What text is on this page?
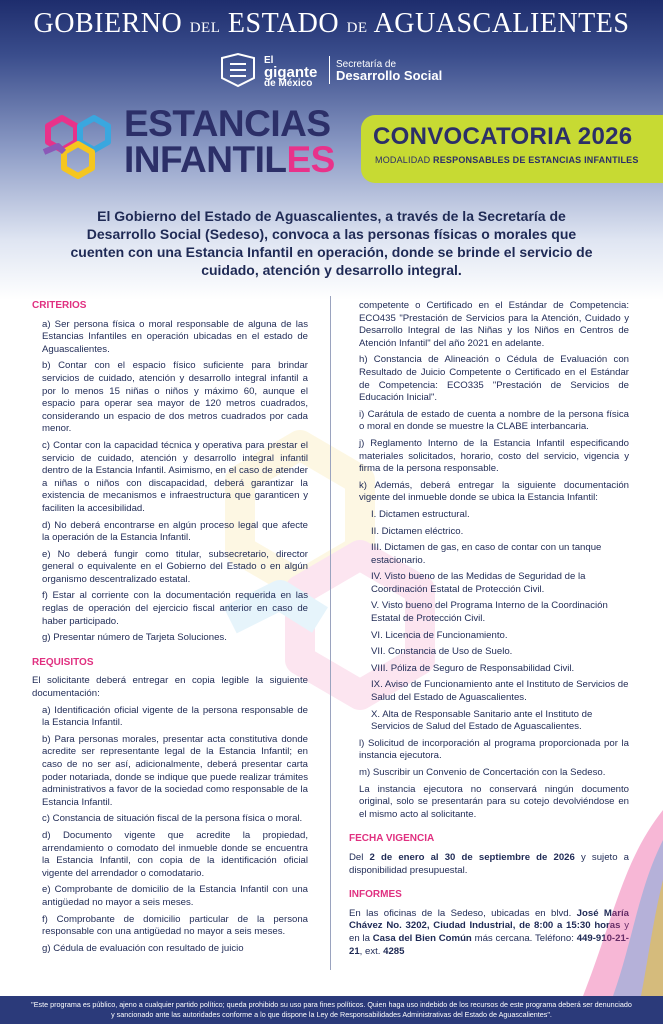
GOBIERNO DEL ESTADO DE AGUASCALIENTES
El
gigante
de México
Secretaría de
Desarrollo Social
ESTANCIAS
INFANTILES
CONVOCATORIA 2026
MODALIDAD RESPONSABLES DE ESTANCIAS INFANTILES
El Gobierno del Estado de Aguascalientes, a través de la Secretaría de Desarrollo Social (Sedeso), convoca a las personas físicas o morales que cuenten con una Estancia Infantil en operación, donde se brinde el servicio de cuidado, atención y desarrollo integral.
CRITERIOS
a) Ser persona física o moral responsable de alguna de las Estancias Infantiles en operación ubicadas en el estado de Aguascalientes.
b) Contar con el espacio físico suficiente para brindar servicios de cuidado, atención y desarrollo integral infantil a por lo menos 15 niñas o niños y máximo 60, aunque el espacio para operar sea mayor de 120 metros cuadrados, considerando un espacio de dos metros cuadrados por cada menor.
c) Contar con la capacidad técnica y operativa para prestar el servicio de cuidado, atención y desarrollo integral infantil dentro de la Estancia Infantil. Asimismo, en el caso de atender a niñas o niños con discapacidad, deberá garantizar la existencia de mecanismos e infraestructura que garanticen y faciliten la accesibilidad.
d) No deberá encontrarse en algún proceso legal que afecte la operación de la Estancia Infantil.
e) No deberá fungir como titular, subsecretario, director general o equivalente en el Gobierno del Estado o en algún organismo descentralizado estatal.
f) Estar al corriente con la documentación requerida en las reglas de operación del ejercicio fiscal anterior en caso de haber participado.
g) Presentar número de Tarjeta Soluciones.
REQUISITOS
El solicitante deberá entregar en copia legible la siguiente documentación:
a) Identificación oficial vigente de la persona responsable de la Estancia Infantil.
b) Para personas morales, presentar acta constitutiva donde acredite ser representante legal de la Estancia Infantil; en caso de no ser así, adicionalmente, deberá presentar carta poder notariada, donde se indique que puede realizar trámites administrativos a favor de la sociedad como responsable de la Estancia Infantil.
c) Constancia de situación fiscal de la persona física o moral.
d) Documento vigente que acredite la propiedad, arrendamiento o comodato del inmueble donde se encuentra la Estancia Infantil, con copia de la identificación oficial vigente del arrendador o comodatario.
e) Comprobante de domicilio de la Estancia Infantil con una antigüedad no mayor a seis meses.
f) Comprobante de domicilio particular de la persona responsable con una antigüedad no mayor a seis meses.
g) Cédula de evaluación con resultado de juicio
competente o Certificado en el Estándar de Competencia: ECO435 "Prestación de Servicios para la Atención, Cuidado y Desarrollo Integral de las Niñas y los Niños en Centros de Atención Infantil" del año 2021 en adelante.
h) Constancia de Alineación o Cédula de Evaluación con Resultado de Juicio Competente o Certificado en el Estándar de Competencia: ECO335 "Prestación de Servicios de Educación Inicial".
i) Carátula de estado de cuenta a nombre de la persona física o moral en donde se muestre la CLABE interbancaria.
j) Reglamento Interno de la Estancia Infantil especificando materiales solicitados, horario, costo del servicio, vigencia y firma de la persona responsable.
k) Además, deberá entregar la siguiente documentación vigente del inmueble donde se ubica la Estancia Infantil:
I. Dictamen estructural.
II. Dictamen eléctrico.
III. Dictamen de gas, en caso de contar con un tanque estacionario.
IV. Visto bueno de las Medidas de Seguridad de la Coordinación Estatal de Protección Civil.
V. Visto bueno del Programa Interno de la Coordinación Estatal de Protección Civil.
VI. Licencia de Funcionamiento.
VII. Constancia de Uso de Suelo.
VIII. Póliza de Seguro de Responsabilidad Civil.
IX. Aviso de Funcionamiento ante el Instituto de Servicios de Salud del Estado de Aguascalientes.
X. Alta de Responsable Sanitario ante el Instituto de Servicios de Salud del Estado de Aguascalientes.
l) Solicitud de incorporación al programa proporcionada por la instancia ejecutora.
m) Suscribir un Convenio de Concertación con la Sedeso.
La instancia ejecutora no conservará ningún documento original, solo se presentarán para su cotejo devolviéndose en el mismo acto al solicitante.
FECHA VIGENCIA
Del 2 de enero al 30 de septiembre de 2026 y sujeto a disponibilidad presupuestal.
INFORMES
En las oficinas de la Sedeso, ubicadas en blvd. José María Chávez No. 3202, Ciudad Industrial, de 8:00 a 15:30 horas y en la Casa del Bien Común más cercana. Teléfono: 449-910-21-21, ext. 4285
"Este programa es público, ajeno a cualquier partido político; queda prohibido su uso para fines políticos. Quien haga uso indebido de los recursos de este programa deberá ser denunciado y sancionado ante las autoridades conforme a lo que dispone la Ley de Responsabilidades Administrativas del Estado de Aguascalientes".
